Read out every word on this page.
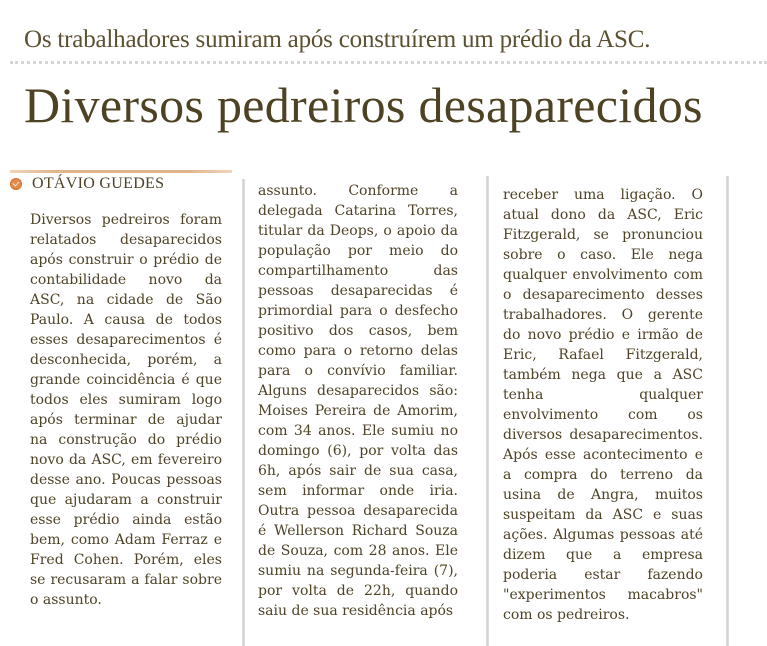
Os trabalhadores sumiram após construírem um prédio da ASC.
Diversos pedreiros desaparecidos
OTÁVIO GUEDES

Diversos pedreiros foram relatados desaparecidos após construir o prédio de contabilidade novo da ASC, na cidade de São Paulo. A causa de todos esses desaparecimentos é desconhecida, porém, a grande coincidência é que todos eles sumiram logo após terminar de ajudar na construção do prédio novo da ASC, em fevereiro desse ano. Poucas pessoas que ajudaram a construir esse prédio ainda estão bem, como Adam Ferraz e Fred Cohen. Porém, eles se recusaram a falar sobre o assunto.

assunto. Conforme a delegada Catarina Torres, titular da Deops, o apoio da população por meio do compartilhamento das pessoas desaparecidas é primordial para o desfecho positivo dos casos, bem como para o retorno delas para o convívio familiar. Alguns desaparecidos são: Moises Pereira de Amorim, com 34 anos. Ele sumiu no domingo (6), por volta das 6h, após sair de sua casa, sem informar onde iria. Outra pessoa desaparecida é Wellerson Richard Souza de Souza, com 28 anos. Ele sumiu na segunda-feira (7), por volta de 22h, quando saiu de sua residência após

receber uma ligação. O atual dono da ASC, Eric Fitzgerald, se pronunciou sobre o caso. Ele nega qualquer envolvimento com o desaparecimento desses trabalhadores. O gerente do novo prédio e irmão de Eric, Rafael Fitzgerald, também nega que a ASC tenha qualquer envolvimento com os diversos desaparecimentos. Após esse acontecimento e a compra do terreno da usina de Angra, muitos suspeitam da ASC e suas ações. Algumas pessoas até dizem que a empresa poderia estar fazendo "experimentos macabros" com os pedreiros.
